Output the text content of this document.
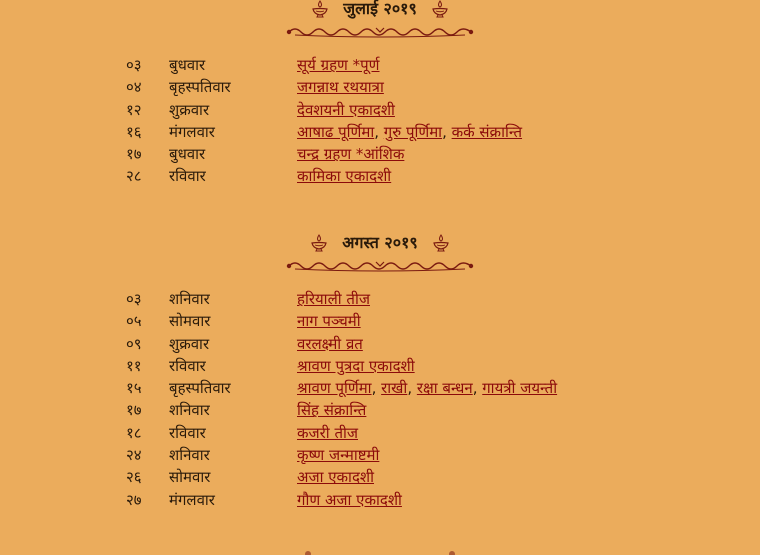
जुलाई २०१९
०३ बुधवार	सूर्य ग्रहण *पूर्ण
०४ बृहस्पतिवार	जगन्नाथ रथयात्रा
१२ शुक्रवार	देवशयनी एकादशी
१६ मंगलवार	आषाढ पूर्णिमा, गुरु पूर्णिमा, कर्क संक्रान्ति
१७ बुधवार	चन्द्र ग्रहण *आंशिक
२८ रविवार	कामिका एकादशी
अगस्त २०१९
०३ शनिवार	हरियाली तीज
०५ सोमवार	नाग पञ्चमी
०९ शुक्रवार	वरलक्ष्मी व्रत
११ रविवार	श्रावण पुत्रदा एकादशी
१५ बृहस्पतिवार	श्रावण पूर्णिमा, राखी, रक्षा बन्धन, गायत्री जयन्ती
१७ शनिवार	सिंह संक्रान्ति
१८ रविवार	कजरी तीज
२४ शनिवार	कृष्ण जन्माष्टमी
२६ सोमवार	अजा एकादशी
२७ मंगलवार	गौण अजा एकादशी
